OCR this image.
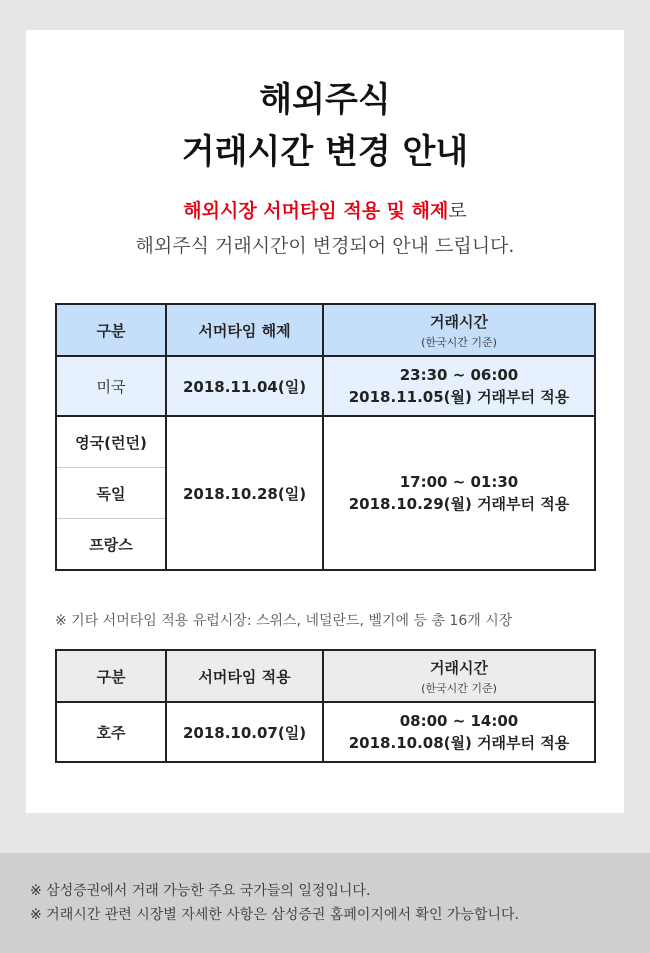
해외주식
거래시간 변경 안내
해외시장 서머타임 적용 및 해제로
해외주식 거래시간이 변경되어 안내 드립니다.
구분	서머타임 해제	거래시간
(한국시간 기준)

미국	2018.11.04(일)	23:30 ~ 06:00
2018.11.05(월) 거래부터 적용

영국(런던)	2018.10.28(일)	17:00 ~ 01:30
2018.10.29(월) 거래부터 적용

독일		
프랑스		
※ 기타 서머타임 적용 유럽시장: 스위스, 네덜란드, 벨기에 등 총 16개 시장
구분	서머타임 적용	거래시간
(한국시간 기준)

호주	2018.10.07(일)	08:00 ~ 14:00
2018.10.08(월) 거래부터 적용

※ 삼성증권에서 거래 가능한 주요 국가들의 일정입니다.

※ 거래시간 관련 시장별 자세한 사항은 삼성증권 홈페이지에서 확인 가능합니다.
